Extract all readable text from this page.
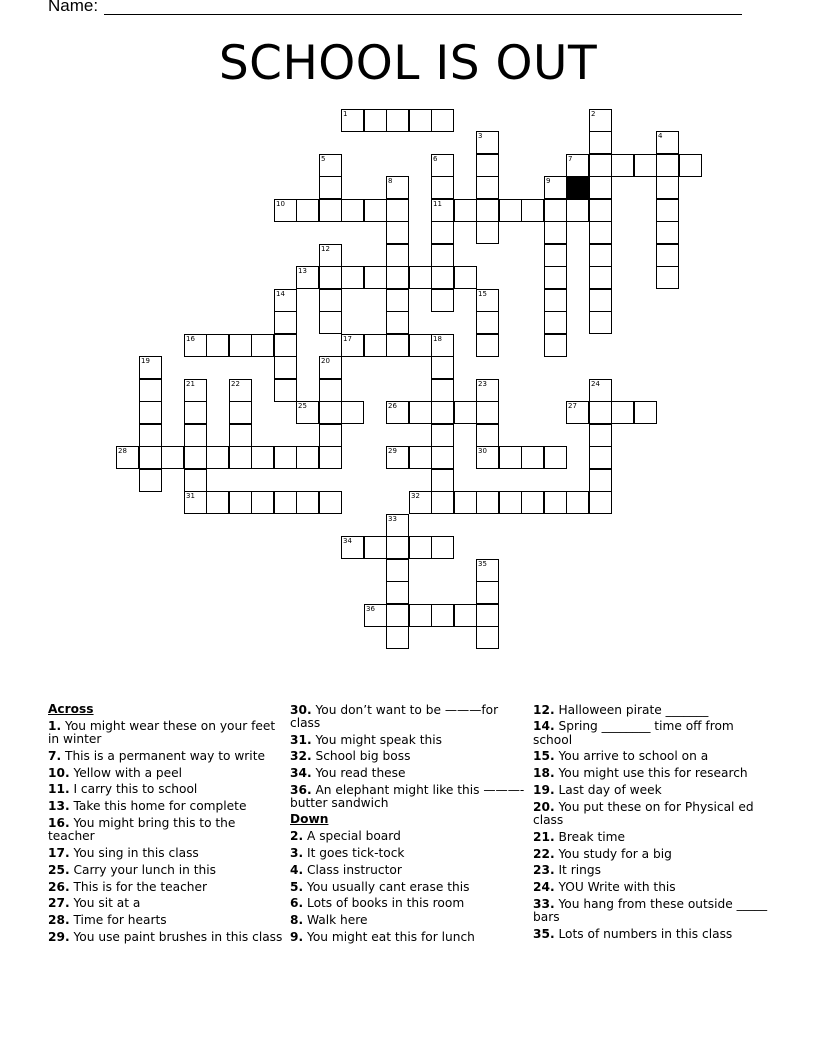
Name:
SCHOOL IS OUT
1	2
3	4
5	6	7
8	9
10	11
12
13
14	15
16	17	18
19	20
21	22	23	24
25	26	27
28	29	30
31	32
33
34
35
36
Across
1. You might wear these on your feet in winter
7. This is a permanent way to write
10. Yellow with a peel
11. I carry this to school
13. Take this home for complete
16. You might bring this to the teacher
17. You sing in this class
25. Carry your lunch in this
26. This is for the teacher
27. You sit at a
28. Time for hearts
29. You use paint brushes in this class
30. You don’t want to be ———for class
31. You might speak this
32. School big boss
34. You read these
36. An elephant might like this ———- butter sandwich
Down
2. A special board
3. It goes tick-tock
4. Class instructor
5. You usually cant erase this
6. Lots of books in this room
8. Walk here
9. You might eat this for lunch
12. Halloween pirate _______
14. Spring ________ time off from school
15. You arrive to school on a
18. You might use this for research
19. Last day of week
20. You put these on for Physical ed class
21. Break time
22. You study for a big
23. It rings
24. YOU Write with this
33. You hang from these outside _____ bars
35. Lots of numbers in this class
